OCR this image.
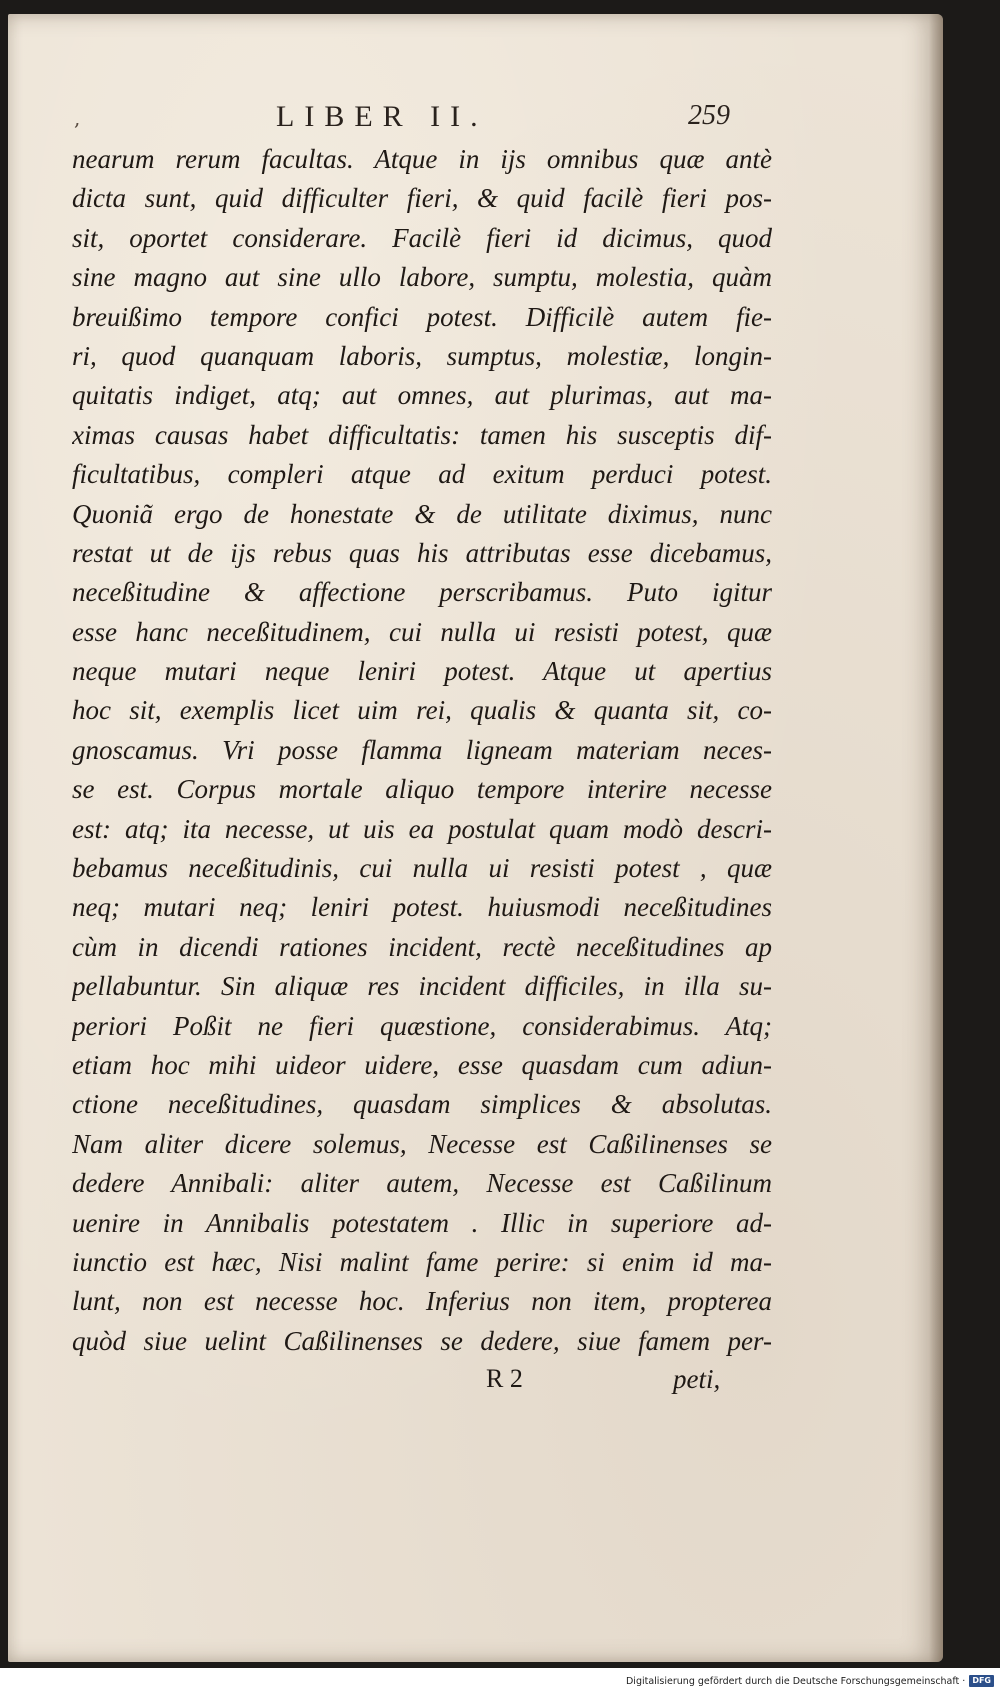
,	LIBER II.	259
nearum rerum facultas. Atque in ijs omnibus quæ antè
dicta sunt, quid difficulter fieri, & quid facilè fieri pos-
sit, oportet considerare. Facilè fieri id dicimus, quod
sine magno aut sine ullo labore, sumptu, molestia, quàm
breuißimo tempore confici potest. Difficilè autem fie-
ri, quod quanquam laboris, sumptus, molestiæ, longin-
quitatis indiget, atq; aut omnes, aut plurimas, aut ma-
ximas causas habet difficultatis: tamen his susceptis dif-
ficultatibus, compleri atque ad exitum perduci potest.
Quoniã ergo de honestate & de utilitate diximus, nunc
restat ut de ijs rebus quas his attributas esse dicebamus,
neceßitudine & affectione perscribamus. Puto igitur
esse hanc neceßitudinem, cui nulla ui resisti potest, quæ
neque mutari neque leniri potest. Atque ut apertius
hoc sit, exemplis licet uim rei, qualis & quanta sit, co-
gnoscamus. Vri posse flamma ligneam materiam neces-
se est. Corpus mortale aliquo tempore interire necesse
est: atq; ita necesse, ut uis ea postulat quam modò descri-
bebamus neceßitudinis, cui nulla ui resisti potest , quæ
neq; mutari neq; leniri potest. huiusmodi neceßitudines
cùm in dicendi rationes incident, rectè neceßitudines ap
pellabuntur. Sin aliquæ res incident difficiles, in illa su-
periori Poßit ne fieri quæstione, considerabimus. Atq;
etiam hoc mihi uideor uidere, esse quasdam cum adiun-
ctione neceßitudines, quasdam simplices & absolutas.
Nam aliter dicere solemus, Necesse est Caßilinenses se
dedere Annibali: aliter autem, Necesse est Caßilinum
uenire in Annibalis potestatem . Illic in superiore ad-
iunctio est hæc, Nisi malint fame perire: si enim id ma-
lunt, non est necesse hoc. Inferius non item, propterea
quòd siue uelint Caßilinenses se dedere, siue famem per-
R 2	peti,
Digitalisierung gefördert durch die Deutsche Forschungsgemeinschaft · DFG
